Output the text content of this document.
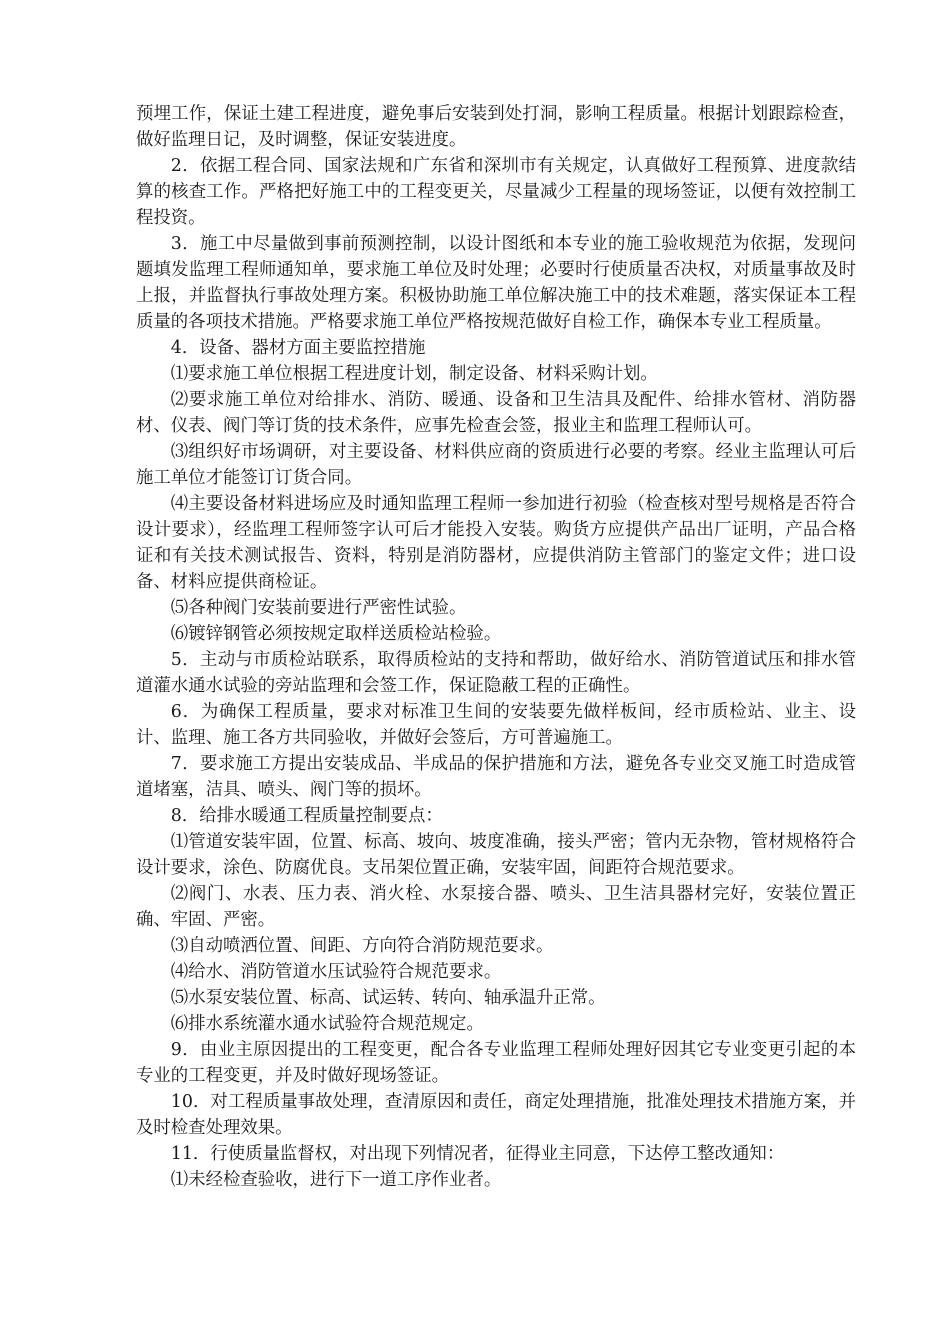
预埋工作，保证土建工程进度，避免事后安装到处打洞，影响工程质量。根据计划跟踪检查，做好监理日记，及时调整，保证安装进度。

2．依据工程合同、国家法规和广东省和深圳市有关规定，认真做好工程预算、进度款结算的核查工作。严格把好施工中的工程变更关，尽量减少工程量的现场签证，以便有效控制工程投资。

3．施工中尽量做到事前预测控制，以设计图纸和本专业的施工验收规范为依据，发现问题填发监理工程师通知单，要求施工单位及时处理；必要时行使质量否决权，对质量事故及时上报，并监督执行事故处理方案。积极协助施工单位解决施工中的技术难题，落实保证本工程质量的各项技术措施。严格要求施工单位严格按规范做好自检工作，确保本专业工程质量。

4．设备、器材方面主要监控措施

⑴要求施工单位根据工程进度计划，制定设备、材料采购计划。

⑵要求施工单位对给排水、消防、暖通、设备和卫生洁具及配件、给排水管材、消防器材、仪表、阀门等订货的技术条件，应事先检查会签，报业主和监理工程师认可。

⑶组织好市场调研，对主要设备、材料供应商的资质进行必要的考察。经业主监理认可后施工单位才能签订订货合同。

⑷主要设备材料进场应及时通知监理工程师一参加进行初验（检查核对型号规格是否符合设计要求），经监理工程师签字认可后才能投入安装。购货方应提供产品出厂证明，产品合格证和有关技术测试报告、资料，特别是消防器材，应提供消防主管部门的鉴定文件；进口设备、材料应提供商检证。

⑸各种阀门安装前要进行严密性试验。

⑹镀锌钢管必须按规定取样送质检站检验。

5．主动与市质检站联系，取得质检站的支持和帮助，做好给水、消防管道试压和排水管道灌水通水试验的旁站监理和会签工作，保证隐蔽工程的正确性。

6．为确保工程质量，要求对标准卫生间的安装要先做样板间，经市质检站、业主、设计、监理、施工各方共同验收，并做好会签后，方可普遍施工。

7．要求施工方提出安装成品、半成品的保护措施和方法，避免各专业交叉施工时造成管道堵塞，洁具、喷头、阀门等的损坏。

8．给排水暖通工程质量控制要点：

⑴管道安装牢固，位置、标高、坡向、坡度准确，接头严密；管内无杂物，管材规格符合设计要求，涂色、防腐优良。支吊架位置正确，安装牢固，间距符合规范要求。

⑵阀门、水表、压力表、消火栓、水泵接合器、喷头、卫生洁具器材完好，安装位置正确、牢固、严密。

⑶自动喷洒位置、间距、方向符合消防规范要求。

⑷给水、消防管道水压试验符合规范要求。

⑸水泵安装位置、标高、试运转、转向、轴承温升正常。

⑹排水系统灌水通水试验符合规范规定。

9．由业主原因提出的工程变更，配合各专业监理工程师处理好因其它专业变更引起的本专业的工程变更，并及时做好现场签证。

10．对工程质量事故处理，查清原因和责任，商定处理措施，批准处理技术措施方案，并及时检查处理效果。

11．行使质量监督权，对出现下列情况者，征得业主同意，下达停工整改通知：

⑴未经检查验收，进行下一道工序作业者。
